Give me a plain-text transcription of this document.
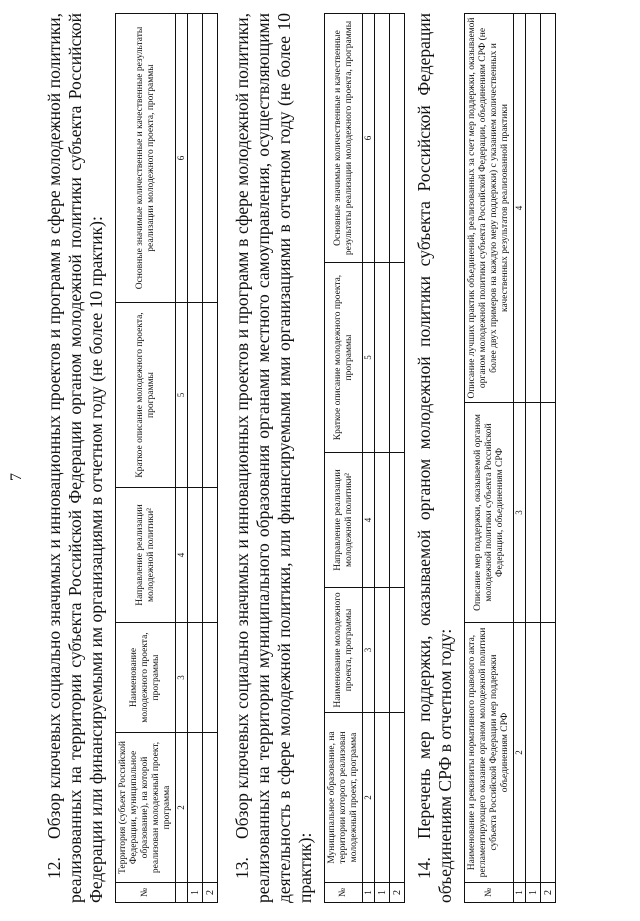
7

12.Обзор ключевых социально значимых и инновационных проектов и программ в сфере молодежной политики, реализованных на территории субъекта Российской Федерации органом молодежной политики субъекта Российской Федерации или финансируемыми им организациями в отчетном году (не более 10 практик):	№	Территория (субъект Российской Федерации, муниципальное образование), на которой реализован молодежный проект, программа	Наименование молодежного проекта, программы	Направление реализации молодежной политики²	Краткое описание молодежного проекта, программы	Основные значимые количественные и качественные результаты реализации молодежного проекта, программы
	2	3	4	5	6
1					
2					

13.Обзор ключевых социально значимых и инновационных проектов и программ в сфере молодежной политики, реализованных на территории муниципального образования органами местного самоуправления, осуществляющими деятельность в сфере молодежной политики, или финансируемыми ими организациями в отчетном году (не более 10 практик): №	Муниципальное образование, на территории которого реализован молодежный проект, программа	Наименование молодежного проекта, программы	Направление реализации молодежной политики²	Краткое описание молодежного проекта, программы	Основные значимые количественные и качественные результаты реализации молодежного проекта, программы
1	2	3	4	5	6
1					
2					

14.Перечень мер поддержки, оказываемой органом молодежной политики субъекта Российской Федерации объединениям СРФ в отчетном году:	№	Наименование и реквизиты нормативного правового акта, регламентирующего оказание органом молодежной политики субъекта Российской Федерации мер поддержки объединениям СРФ	Описание мер поддержки, оказываемой органом молодежной политики субъекта Российской Федерации, объединениям СРФ	Описание лучших практик объединений, реализованных за счет мер поддержки, оказываемой органом молодежной политики субъекта Российской Федерации, объединениям СРФ (не более двух примеров на каждую меру поддержки) с указанием количественных и качественных результатов реализованной практики
1	2	3	4
1			
2			
